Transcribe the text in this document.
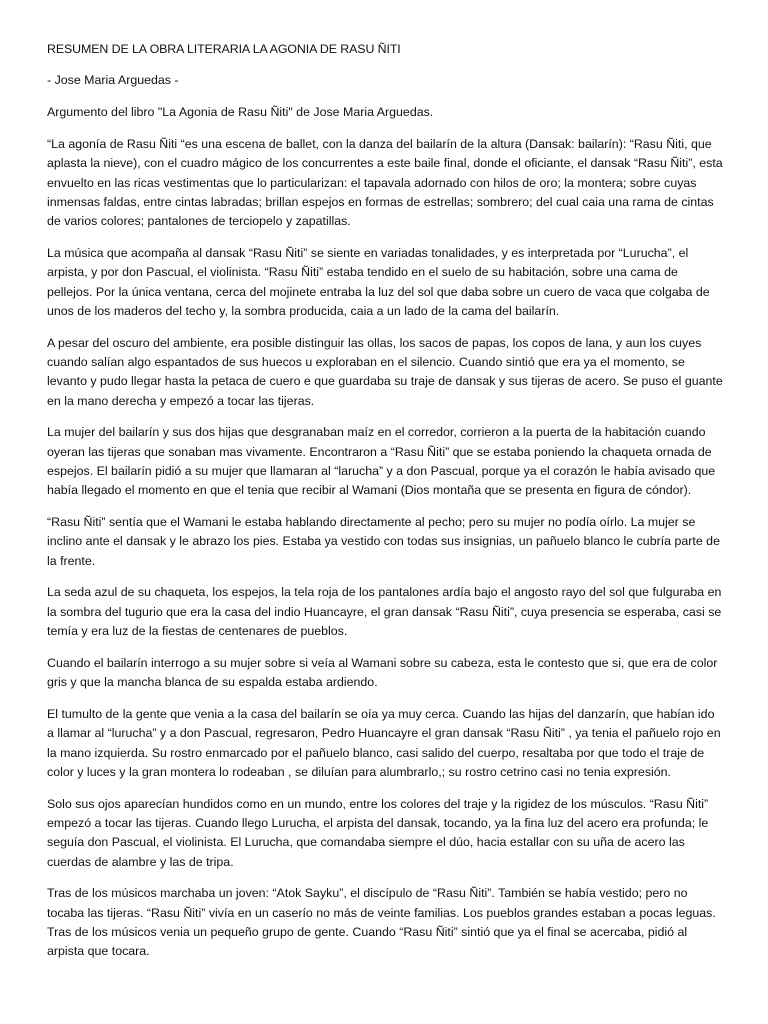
RESUMEN DE LA OBRA LITERARIA LA AGONIA DE RASU ÑITI

- Jose Maria Arguedas -

Argumento del libro "La Agonia de Rasu Ñiti" de Jose Maria Arguedas.

“La agonía de Rasu Ñiti “es una escena de ballet, con la danza del bailarín de la altura (Dansak: bailarín): “Rasu Ñiti, que aplasta la nieve), con el cuadro mágico de los concurrentes a este baile final, donde el oficiante, el dansak “Rasu Ñiti”, esta envuelto en las ricas vestimentas que lo particularizan: el tapavala adornado con hilos de oro; la montera; sobre cuyas inmensas faldas, entre cintas labradas; brillan espejos en formas de estrellas; sombrero; del cual caia una rama de cintas de varios colores; pantalones de terciopelo y zapatillas.

La música que acompaña al dansak “Rasu Ñiti” se siente en variadas tonalidades, y es interpretada por “Lurucha”, el arpista, y por don Pascual, el violinista. “Rasu Ñiti” estaba tendido en el suelo de su habitación, sobre una cama de pellejos. Por la única ventana, cerca del mojinete entraba la luz del sol que daba sobre un cuero de vaca que colgaba de unos de los maderos del techo y, la sombra producida, caia a un lado de la cama del bailarín.

A pesar del oscuro del ambiente, era posible distinguir las ollas, los sacos de papas, los copos de lana, y aun los cuyes cuando salían algo espantados de sus huecos u exploraban en el silencio. Cuando sintió que era ya el momento, se levanto y pudo llegar hasta la petaca de cuero e que guardaba su traje de dansak y sus tijeras de acero. Se puso el guante en la mano derecha y empezó a tocar las tijeras.

La mujer del bailarín y sus dos hijas que desgranaban maíz en el corredor, corrieron a la puerta de la habitación cuando oyeran las tijeras que sonaban mas vivamente. Encontraron a “Rasu Ñiti” que se estaba poniendo la chaqueta ornada de espejos. El bailarín pidió a su mujer que llamaran al “larucha” y a don Pascual, porque ya el corazón le había avisado que había llegado el momento en que el tenia que recibir al Wamani (Dios montaña que se presenta en figura de cóndor).

“Rasu Ñiti” sentía que el Wamani le estaba hablando directamente al pecho; pero su mujer no podía oírlo. La mujer se inclino ante el dansak y le abrazo los pies. Estaba ya vestido con todas sus insignias, un pañuelo blanco le cubría parte de la frente.

La seda azul de su chaqueta, los espejos, la tela roja de los pantalones ardía bajo el angosto rayo del sol que fulguraba en la sombra del tugurio que era la casa del indio Huancayre, el gran dansak “Rasu Ñiti”, cuya presencia se esperaba, casi se temía y era luz de la fiestas de centenares de pueblos.

Cuando el bailarín interrogo a su mujer sobre si veía al Wamani sobre su cabeza, esta le contesto que si, que era de color gris y que la mancha blanca de su espalda estaba ardiendo.

El tumulto de la gente que venia a la casa del bailarín se oía ya muy cerca. Cuando las hijas del danzarín, que habían ido a llamar al “lurucha” y a don Pascual, regresaron, Pedro Huancayre el gran dansak “Rasu Ñiti” , ya tenia el pañuelo rojo en la mano izquierda. Su rostro enmarcado por el pañuelo blanco, casi salido del cuerpo, resaltaba por que todo el traje de color y luces y la gran montera lo rodeaban , se diluían para alumbrarlo,; su rostro cetrino casi no tenia expresión.

Solo sus ojos aparecían hundidos como en un mundo, entre los colores del traje y la rigidez de los músculos. “Rasu Ñiti” empezó a tocar las tijeras. Cuando llego Lurucha, el arpista del dansak, tocando, ya la fina luz del acero era profunda; le seguía don Pascual, el violinista. El Lurucha, que comandaba siempre el dúo, hacia estallar con su uña de acero las cuerdas de alambre y las de tripa.

Tras de los músicos marchaba un joven: “Atok Sayku”, el discípulo de “Rasu Ñiti”. También se había vestido; pero no tocaba las tijeras. “Rasu Ñiti” vivía en un caserío no más de veinte familias. Los pueblos grandes estaban a pocas leguas. Tras de los músicos venia un pequeño grupo de gente. Cuando “Rasu Ñiti” sintió que ya el final se acercaba, pidió al arpista que tocara.
